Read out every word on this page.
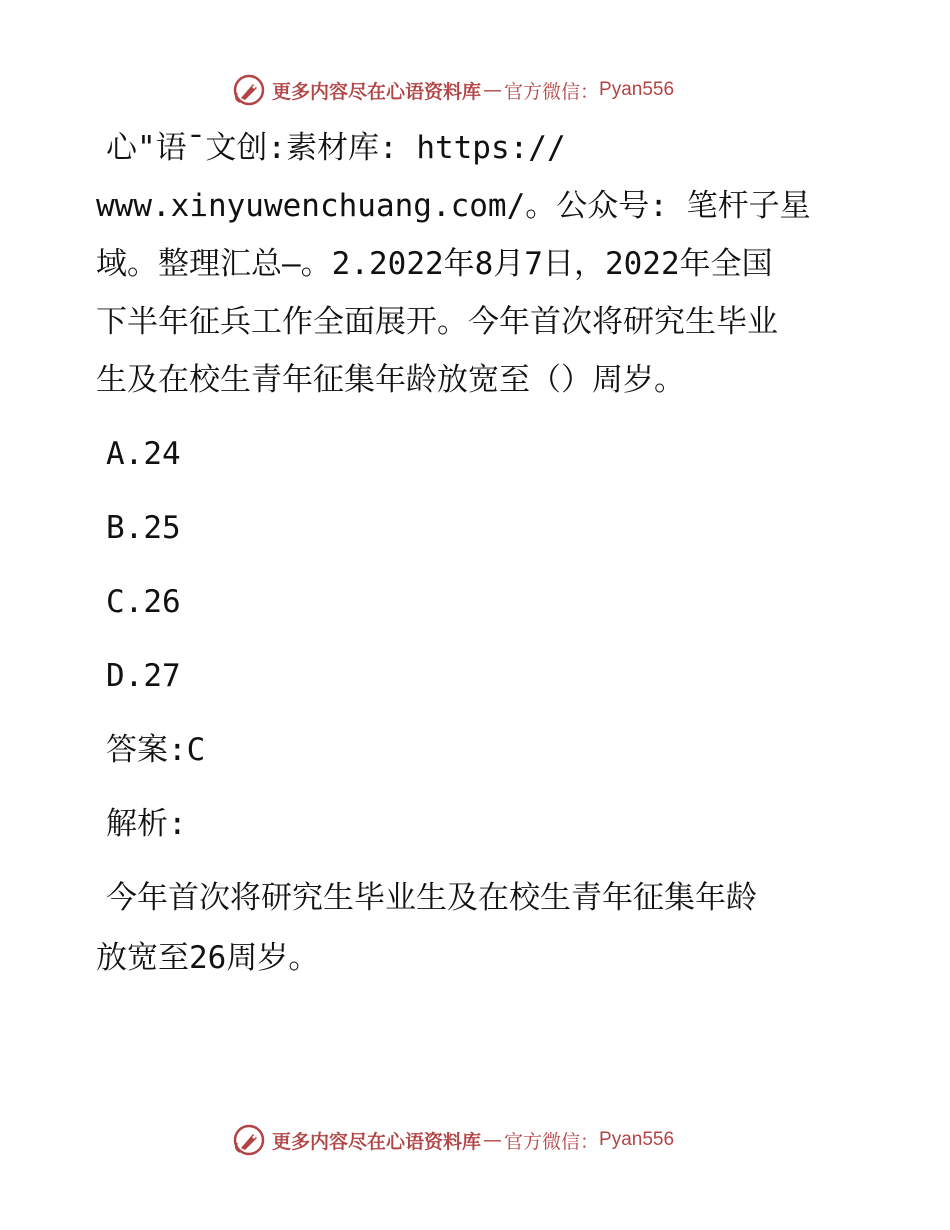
更多内容尽在心语资料库 — 官方微信： Pyan556
心"语¯文创:素材库: https://
www.xinyuwenchuang.com/。公众号: 笔杆子星
域。整理汇总—。2.2022年8月7日，2022年全国
下半年征兵工作全面展开。今年首次将研究生毕业
生及在校生青年征集年龄放宽至（）周岁。
A.24
B.25
C.26
D.27
答案:C
解析:
今年首次将研究生毕业生及在校生青年征集年龄
放宽至26周岁。
更多内容尽在心语资料库 — 官方微信： Pyan556
